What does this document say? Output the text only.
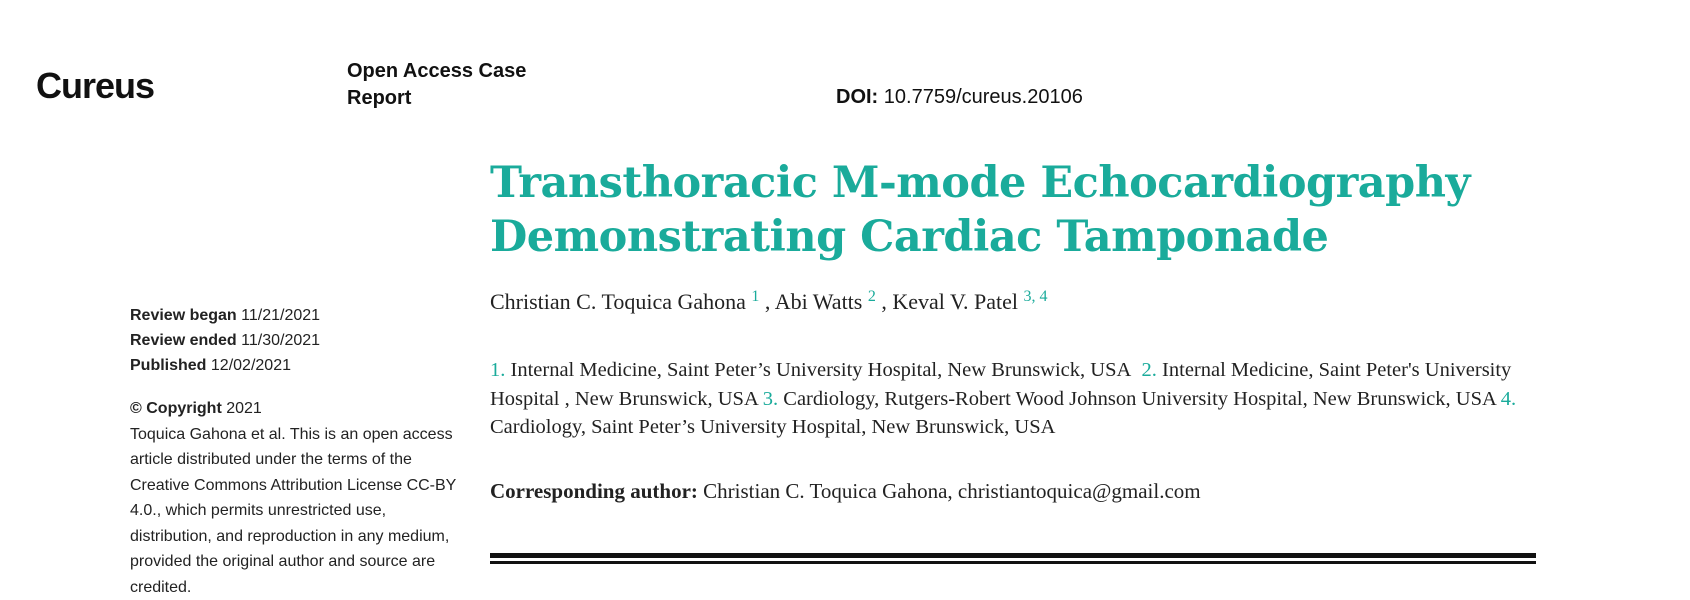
Cureus	Open Access Case Report	DOI: 10.7759/cureus.20106
Transthoracic M-mode Echocardiography Demonstrating Cardiac Tamponade
Christian C. Toquica Gahona $^1$ , Abi Watts $^2$ , Keval V. Patel $^{3, 4}$
1. Internal Medicine, Saint Peter’s University Hospital, New Brunswick, USA 2. Internal Medicine, Saint Peter's University Hospital , New Brunswick, USA 3. Cardiology, Rutgers-Robert Wood Johnson University Hospital, New Brunswick, USA 4. Cardiology, Saint Peter’s University Hospital, New Brunswick, USA
Corresponding author: Christian C. Toquica Gahona, christiantoquica@gmail.com
Review began 11/21/2021
Review ended 11/30/2021
Published 12/02/2021
© Copyright 2021
Toquica Gahona et al. This is an open access article distributed under the terms of the Creative Commons Attribution License CC-BY 4.0., which permits unrestricted use, distribution, and reproduction in any medium, provided the original author and source are credited.
